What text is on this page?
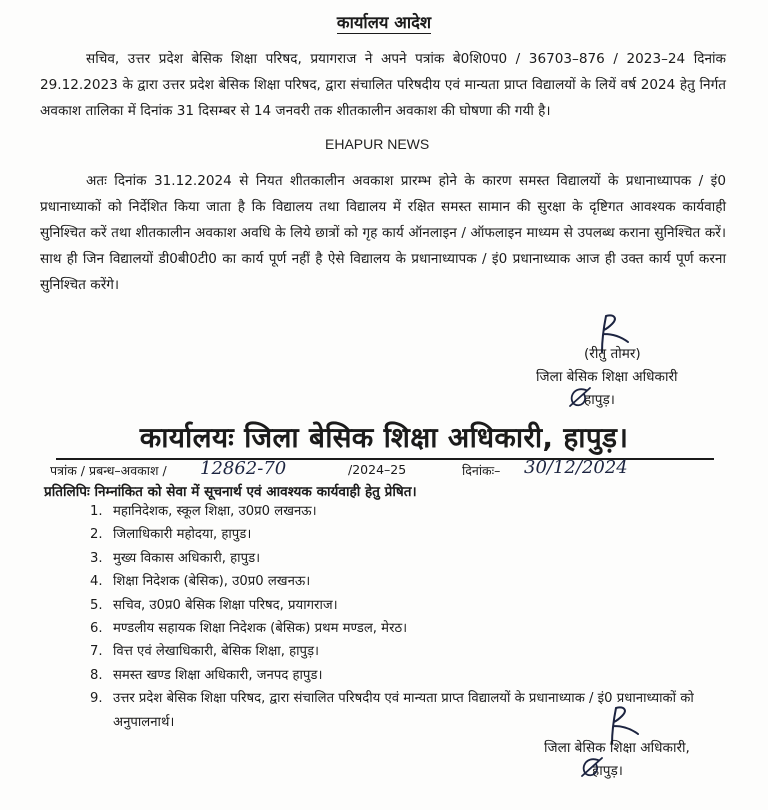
कार्यालय आदेश

सचिव, उत्तर प्रदेश बेसिक शिक्षा परिषद, प्रयागराज ने अपने पत्रांक बे0शि0प0 / 36703–876 / 2023–24 दिनांक 29.12.2023 के द्वारा उत्तर प्रदेश बेसिक शिक्षा परिषद, द्वारा संचालित परिषदीय एवं मान्यता प्राप्त विद्यालयों के लियें वर्ष 2024 हेतु निर्गत अवकाश तालिका में दिनांक 31 दिसम्बर से 14 जनवरी तक शीतकालीन अवकाश की घोषणा की गयी है।

EHAPUR NEWS

अतः दिनांक 31.12.2024 से नियत शीतकालीन अवकाश प्रारम्भ होने के कारण समस्त विद्यालयों के प्रधानाध्यापक / इं0 प्रधानाध्याकों को निर्देशित किया जाता है कि विद्यालय तथा विद्यालय में रक्षित समस्त सामान की सुरक्षा के दृष्टिगत आवश्यक कार्यवाही सुनिश्चित करें तथा शीतकालीन अवकाश अवधि के लिये छात्रों को गृह कार्य ऑनलाइन / ऑफलाइन माध्यम से उपलब्ध कराना सुनिश्चित करें। साथ ही जिन विद्यालयों डी0बी0टी0 का कार्य पूर्ण नहीं है ऐसे विद्यालय के प्रधानाध्यापक / इं0 प्रधानाध्याक आज ही उक्त कार्य पूर्ण करना सुनिश्चित करेंगे।

(रीतु तोमर)
जिला बेसिक शिक्षा अधिकारी
हापुड़।
कार्यालयः जिला बेसिक शिक्षा अधिकारी, हापुड़।
पत्रांक / प्रबन्ध–अवकाश / 12862-70	/2024–25	दिनांकः– 30/12/2024
प्रतिलिपिः निम्नांकित को सेवा में सूचनार्थ एवं आवश्यक कार्यवाही हेतु प्रेषित।
1. महानिदेशक, स्कूल शिक्षा, उ0प्र0 लखनऊ।
2. जिलाधिकारी महोदया, हापुड।
3. मुख्य विकास अधिकारी, हापुड।
4. शिक्षा निदेशक (बेसिक), उ0प्र0 लखनऊ।
5. सचिव, उ0प्र0 बेसिक शिक्षा परिषद, प्रयागराज।
6. मण्डलीय सहायक शिक्षा निदेशक (बेसिक) प्रथम मण्डल, मेरठ।
7. वित्त एवं लेखाधिकारी, बेसिक शिक्षा, हापुड़।
8. समस्त खण्ड शिक्षा अधिकारी, जनपद हापुड।
9. उत्तर प्रदेश बेसिक शिक्षा परिषद, द्वारा संचालित परिषदीय एवं मान्यता प्राप्त विद्यालयों के प्रधानाध्याक / इं0 प्रधानाध्याकों को अनुपालनार्थ।
जिला बेसिक शिक्षा अधिकारी,
हापुड़।
